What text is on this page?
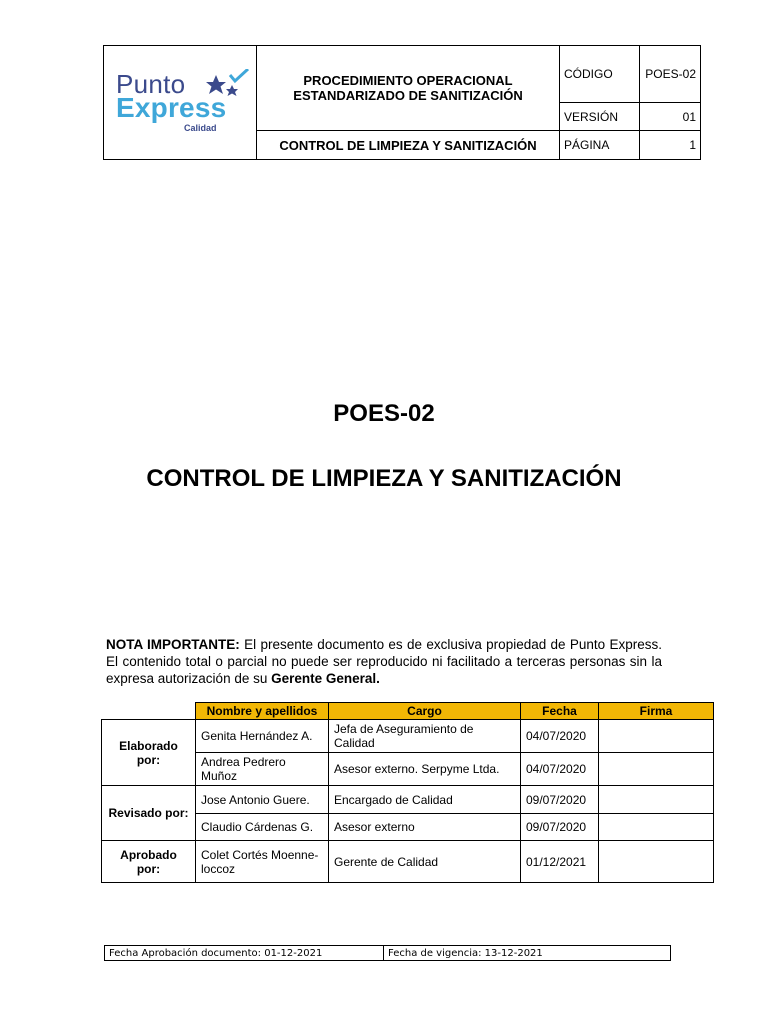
Punto
Express
Calidad	PROCEDIMIENTO OPERACIONAL ESTANDARIZADO DE SANITIZACIÓN	CÓDIGO	POES-02
		VERSIÓN	01
	CONTROL DE LIMPIEZA Y SANITIZACIÓN	PÁGINA	1
POES-02
CONTROL DE LIMPIEZA Y SANITIZACIÓN

NOTA IMPORTANTE: El presente documento es de exclusiva propiedad de Punto Express. El contenido total o parcial no puede ser reproducido ni facilitado a terceras personas sin la expresa autorización de su Gerente General.

	Nombre y apellidos	Cargo	Fecha	Firma
Elaborado por:	Genita Hernández A.	Jefa de Aseguramiento de Calidad	04/07/2020	
	Andrea Pedrero Muñoz	Asesor externo. Serpyme Ltda.	04/07/2020	
Revisado por:	Jose Antonio Guere.	Encargado de Calidad	09/07/2020	
	Claudio Cárdenas G.	Asesor externo	09/07/2020	
Aprobado por:	Colet Cortés Moenne-loccoz	Gerente de Calidad	01/12/2021	
Fecha Aprobación documento: 01-12-2021	Fecha de vigencia: 13-12-2021
